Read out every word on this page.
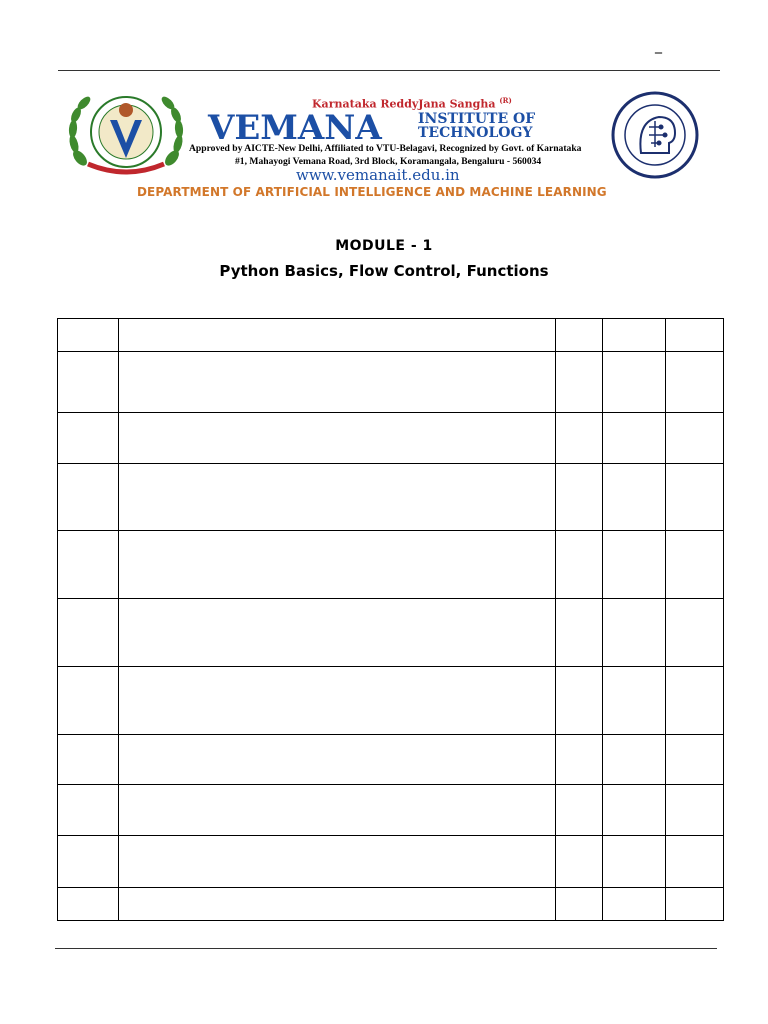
_
Karnataka ReddyJana Sangha $^{(R)}$
VEMANA	INSTITUTE OF
TECHNOLOGY
Approved by AICTE-New Delhi, Affiliated to VTU-Belagavi, Recognized by Govt. of Karnataka
#1, Mahayogi Vemana Road, 3rd Block, Koramangala, Bengaluru - 560034
www.vemanait.edu.in
DEPARTMENT OF ARTIFICIAL INTELLIGENCE AND MACHINE LEARNING
MODULE - 1
Python Basics, Flow Control, Functions
